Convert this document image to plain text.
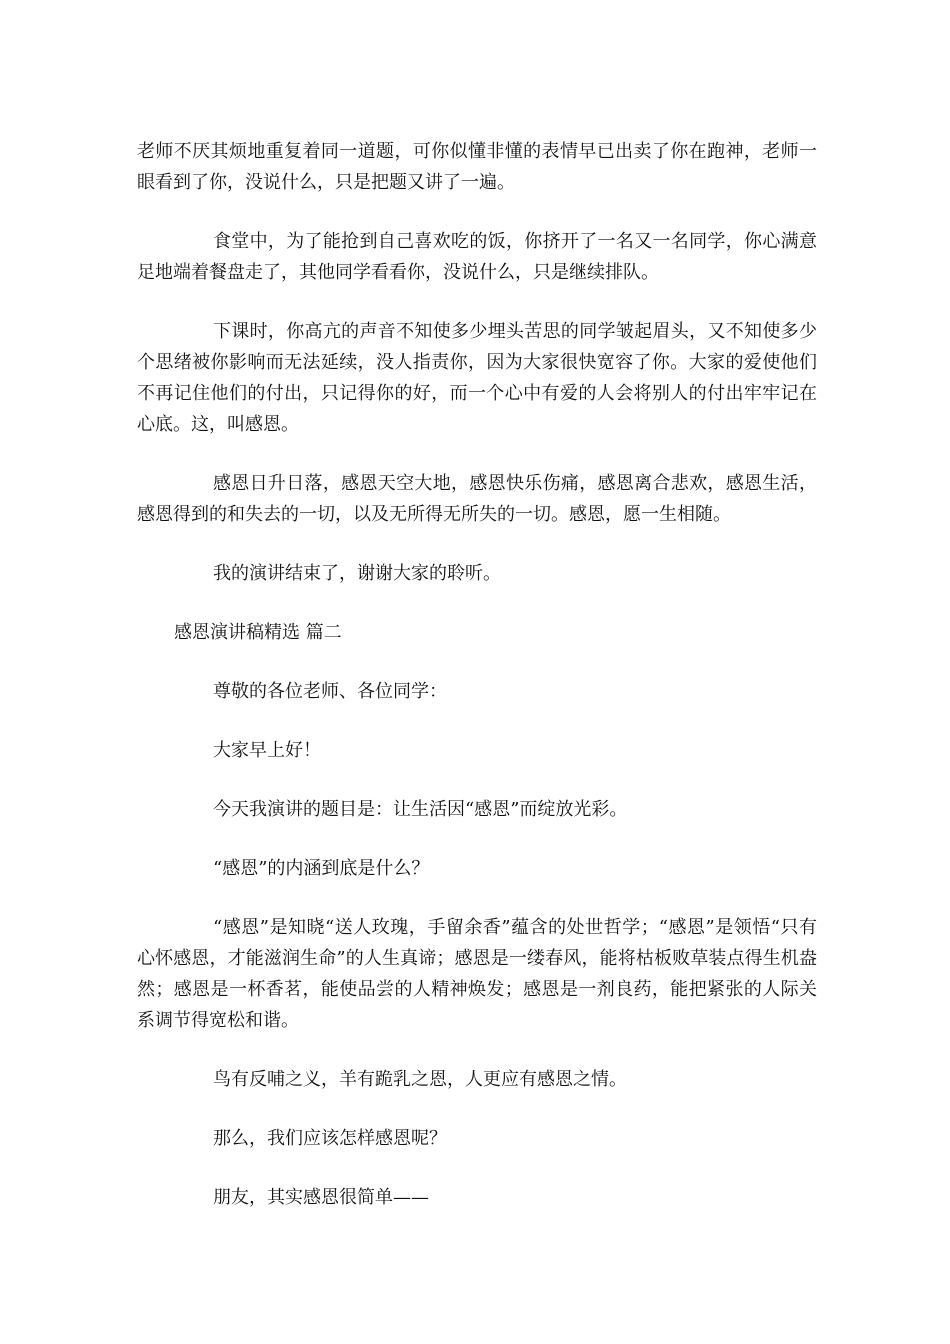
老师不厌其烦地重复着同一道题，可你似懂非懂的表情早已出卖了你在跑神，老师一眼看到了你，没说什么，只是把题又讲了一遍。

食堂中，为了能抢到自己喜欢吃的饭，你挤开了一名又一名同学，你心满意足地端着餐盘走了，其他同学看看你，没说什么，只是继续排队。

下课时，你高亢的声音不知使多少埋头苦思的同学皱起眉头，又不知使多少个思绪被你影响而无法延续，没人指责你，因为大家很快宽容了你。大家的爱使他们不再记住他们的付出，只记得你的好，而一个心中有爱的人会将别人的付出牢牢记在心底。这，叫感恩。

感恩日升日落，感恩天空大地，感恩快乐伤痛，感恩离合悲欢，感恩生活，感恩得到的和失去的一切，以及无所得无所失的一切。感恩，愿一生相随。

我的演讲结束了，谢谢大家的聆听。

感恩演讲稿精选 篇二

尊敬的各位老师、各位同学：

大家早上好！

今天我演讲的题目是：让生活因“感恩”而绽放光彩。

“感恩”的内涵到底是什么？

“感恩”是知晓“送人玫瑰，手留余香”蕴含的处世哲学；“感恩”是领悟“只有心怀感恩，才能滋润生命”的人生真谛；感恩是一缕春风，能将枯板败草装点得生机盎然；感恩是一杯香茗，能使品尝的人精神焕发；感恩是一剂良药，能把紧张的人际关系调节得宽松和谐。

鸟有反哺之义，羊有跪乳之恩，人更应有感恩之情。

那么，我们应该怎样感恩呢？

朋友，其实感恩很简单——
